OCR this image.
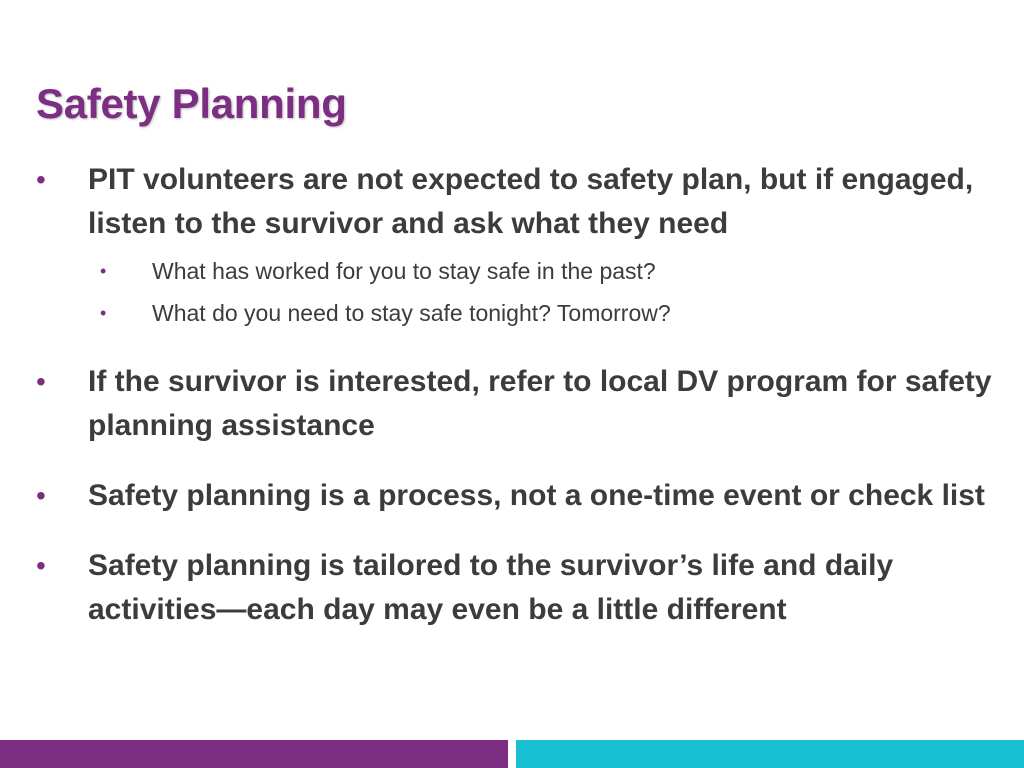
Safety Planning
•	PIT volunteers are not expected to safety plan, but if engaged, listen to the survivor and ask what they need
• What has worked for you to stay safe in the past?
• What do you need to stay safe tonight? Tomorrow?
•	If the survivor is interested, refer to local DV program for safety planning assistance
•	Safety planning is a process, not a one-time event or check list
•	Safety planning is tailored to the survivor’s life and daily activities—each day may even be a little different
